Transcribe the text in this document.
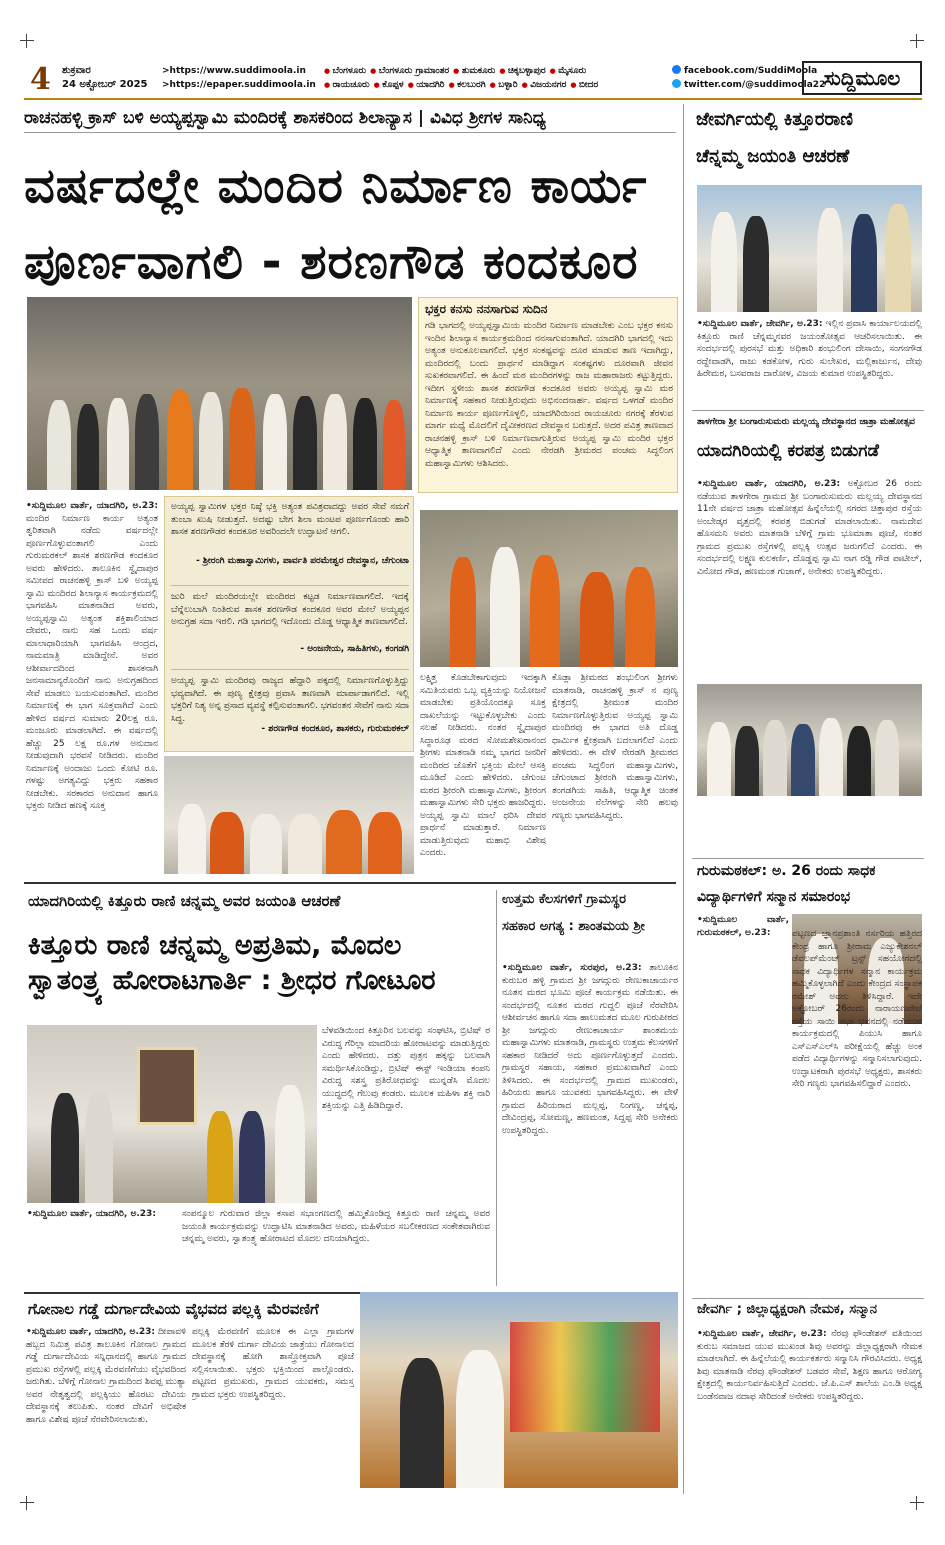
4 ಶುಕ್ರವಾರ
24 ಅಕ್ಟೋಬರ್ 2025
>https://www.suddimoola.in
>https://epaper.suddimoola.in
● ಬೆಂಗಳೂರು ● ಬೆಂಗಳೂರು ಗ್ರಾಮಾಂತರ ● ತುಮಕೂರು ● ಚಿಕ್ಕಬಳ್ಳಾಪುರ ● ಮೈಸೂರು
● ರಾಯಚೂರು ● ಕೊಪ್ಪಳ ● ಯಾದಗಿರಿ ● ಕಲಬುರಗಿ ● ಬಳ್ಳಾರಿ ● ವಿಜಯನಗರ ● ಬೀದರ
facebook.com/SuddiMoola
twitter.com/@suddimoola22
ಸುದ್ದಿಮೂಲ
ರಾಚನಹಳ್ಳಿ ಕ್ರಾಸ್ ಬಳಿ ಅಯ್ಯಪ್ಪಸ್ವಾಮಿ ಮಂದಿರಕ್ಕೆ ಶಾಸಕರಿಂದ ಶಿಲಾನ್ಯಾಸ | ವಿವಿಧ ಶ್ರೀಗಳ ಸಾನಿಧ್ಯ
ವರ್ಷದಲ್ಲೇ ಮಂದಿರ ನಿರ್ಮಾಣ ಕಾರ್ಯ
ಪೂರ್ಣವಾಗಲಿ - ಶರಣಗೌಡ ಕಂದಕೂರ
ಭಕ್ತರ ಕನಸು ನನಸಾಗುವ ಸುದಿನ
ಗಡಿ ಭಾಗದಲ್ಲಿ ಅಯ್ಯಪ್ಪಸ್ವಾಮಿಯ ಮಂದಿರ ನಿರ್ಮಾಣ ಮಾಡಬೇಕು ಎಂಬ ಭಕ್ತರ ಕನಸು ಇಂದಿನ ಶಿಲಾನ್ಯಾಸ ಕಾರ್ಯಕ್ರಮದಿಂದ ನನಸಾಗುವಂತಾಗಿದೆ. ಯಾದಗಿರಿ ಭಾಗದಲ್ಲಿ ಇದು ಅತ್ಯಂತ ಅನುಕೂಲವಾಗಲಿದೆ. ಭಕ್ತರ ಸಂಕಷ್ಟವನ್ನು ದೂರ ಮಾಡುವ ತಾಣ ಇದಾಗಿದ್ದು, ಮಂದಿರದಲ್ಲಿ ಬಂದು ಪ್ರಾರ್ಥನೆ ಮಾಡಿದ್ದಾಗ ಸಂಕಷ್ಟಗಳು ದೂರವಾಗಿ ಜೀವನ ಸುಖಕರವಾಗಲಿದೆ. ಈ ಹಿಂದೆ ಮಠ ಮಂದಿರಗಳನ್ನು ರಾಜ ಮಹಾರಾಜರು ಕಟ್ಟುತ್ತಿದ್ದರು. ಇದೀಗ ಸ್ಥಳೀಯ ಶಾಸಕ ಶರಣಗೌಡ ಕಂದಕೂರ ಅವರು ಅಯ್ಯಪ್ಪ ಸ್ವಾಮಿ ಮಠ ನಿರ್ಮಾಣಕ್ಕೆ ಸಹಕಾರ ನೀಡುತ್ತಿರುವುದು ಅಭಿನಂದನಾರ್ಹ. ವರ್ಷದ ಒಳಗಡೆ ಮಂದಿರ ನಿರ್ಮಾಣ ಕಾರ್ಯ ಪೂರ್ಣಗೊಳ್ಳಲಿ, ಯಾದಗಿರಿಯಿಂದ ರಾಯಚೂರು ನಗರಕ್ಕೆ ತೆರಳುವ ಮಾರ್ಗ ಮಧ್ಯೆ ಮೊದಲಿಗೆ ದೈವೀಕರಣದ ದೇವಸ್ಥಾನ ಬರುತ್ತದೆ. ಅದರ ಪವಿತ್ರ ತಾಣವಾದ ರಾಚನಹಳ್ಳಿ ಕ್ರಾಸ್ ಬಳಿ ನಿರ್ಮಾಣವಾಗುತ್ತಿರುವ ಅಯ್ಯಪ್ಪ ಸ್ವಾಮಿ ಮಂದಿರ ಭಕ್ತರ ಆಧ್ಯಾತ್ಮಿಕ ತಾಣವಾಗಲಿದೆ ಎಂದು ನೇರಡಗಿ ಶ್ರೀಮಠದ ಪಂಚಮ ಸಿದ್ಧಲಿಂಗ ಮಹಾಸ್ವಾಮಿಗಳು ಆಶಿಸಿದರು.
•ಸುದ್ದಿಮೂಲ ವಾರ್ತೆ, ಯಾದಗಿರಿ, ಅ.23: ಮಂದಿರ ನಿರ್ಮಾಣ ಕಾರ್ಯ ಅತ್ಯಂತ ತ್ವರಿತವಾಗಿ ನಡೆದು ವರ್ಷದಲ್ಲೇ ಪೂರ್ಣಗೊಳ್ಳುವಂತಾಗಲಿ ಎಂದು ಗುರುಮಠಕಲ್ ಶಾಸಕ ಶರಣಗೌಡ ಕಂದಕೂರ ಅವರು ಹೇಳಿದರು. ತಾಲೂಕಿನ ಸ್ವೈದಾಪುರ ಸಮೀಪದ ರಾಚನಹಳ್ಳಿ ಕ್ರಾಸ್ ಬಳಿ ಅಯ್ಯಪ್ಪ ಸ್ವಾಮಿ ಮಂದಿರದ ಶಿಲಾನ್ಯಾಸ ಕಾರ್ಯಕ್ರಮದಲ್ಲಿ ಭಾಗವಹಿಸಿ ಮಾತನಾಡಿದ ಅವರು, ಅಯ್ಯಪ್ಪಸ್ವಾಮಿ ಅತ್ಯಂತ ಶಕ್ತಿಶಾಲಿಯಾದ ದೇವರು, ನಾನು ಸಹ ಒಂದು ವರ್ಷ ಮಾಲಾಧಾರಿಯಾಗಿ ಭಾಗವಹಿಸಿ ಆಂದ್ರದ, ನಾಮಮಾತ್ರಿ ಮಾಡಿದ್ದೇನೆ. ಅವರ ಆಶೀರ್ವಾದದಿಂದ ಶಾಸಕನಾಗಿ ಜನಸಾಮಾನ್ಯರೊಂದಿಗೆ ನಾನು ಅನುಗ್ರಹದಿಂದ ಸೇವೆ ಮಾಡಲು ಬಯಸುವಂತಾಗಿದೆ. ಮಂದಿರ ನಿರ್ಮಾಣಕ್ಕೆ ಈ ಭಾಗ ಸೂಕ್ತವಾಗಿದೆ ಎಂದು ಹೇಳಿದ ವರ್ಷದ ಸುಮಾರು 20ಲಕ್ಷ ರೂ. ಮಂಜೂರು ಮಾಡಲಾಗಿದೆ. ಈ ವರ್ಷದಲ್ಲಿ ಹೆಚ್ಚು 25 ಲಕ್ಷ ರೂ.ಗಳ ಅನುದಾನ ನೀಡುವುದಾಗಿ ಭರವಸೆ ನೀಡಿದರು. ಮಂದಿರ ನಿರ್ಮಾಣಕ್ಕೆ ಅಂದಾಜು ಒಂದು ಕೋಟಿ ರೂ. ಗಳಷ್ಟು ಅಗತ್ಯವಿದ್ದು ಭಕ್ತರು ಸಹಕಾರ ನೀಡಬೇಕು. ಸರಕಾರದ ಅನುದಾನ ಹಾಗೂ ಭಕ್ತರು ನೀಡಿದ ಹಣಕ್ಕೆ ಸೂಕ್ತ
ಅಯ್ಯಪ್ಪ ಸ್ವಾಮಿಗಳ ಭಕ್ತರ ನಿಷ್ಠೆ ಭಕ್ತಿ ಅತ್ಯಂತ ಪವಿತ್ರವಾದದ್ದು ಅವರ ಸೇವೆ ನಮಗೆ ತುಂಬಾ ಖುಷಿ ನೀಡುತ್ತದೆ. ಅದಷ್ಟು ಬೇಗ ಶಿಲಾ ಮಂಟಪ ಪೂರ್ಣಗೊಂಡು ಹಾರಿ ಶಾಸಕ ಶರಣಗೌಡರ ಕಂದಕೂರ ಅವರಿಂದಲೇ ಉದ್ಘಾಟನೆ ಆಗಲಿ.
- ಶ್ರೀರಂಗಿ ಮಹಾಸ್ವಾಮಿಗಳು, ಪಾರ್ವತಿ ಪರಮೇಶ್ವರ ದೇವಸ್ಥಾನ, ಚೆಗುಂಟಾ
ಜುರಿ ಮಲೆ ಮಂದಿರಯಲ್ಲೇ ಮಂದಿರದ ಕಟ್ಟಡ ನಿರ್ಮಾಣವಾಗಲಿದೆ. ಇದಕ್ಕೆ ಬೆನ್ನೆಲುಬಾಗಿ ನಿಂತಿರುವ ಶಾಸಕ ಶರಣಗೌಡ ಕಂದಕೂರ ಅವರ ಮೇಲೆ ಅಯ್ಯಪ್ಪನ ಅನುಗ್ರಹ ಸದಾ ಇರಲಿ. ಗಡಿ ಭಾಗದಲ್ಲಿ ಇದೊಂದು ದೊಡ್ಡ ಆಧ್ಯಾತ್ಮಿಕ ತಾಣವಾಗಲಿದೆ.
- ಅಂಜನೇಯ, ಸಾಹಿತಿಗಳು, ಕಂಗಡಗಿ
ಅಯ್ಯಪ್ಪ ಸ್ವಾಮಿ ಮಂದಿರವು ರಾಜ್ಯದ ಹೆದ್ದಾರಿ ಪಕ್ಕದಲ್ಲಿ ನಿರ್ಮಾಣಗೊಳ್ಳುತ್ತಿದ್ದು ಭವ್ಯವಾಗಿದೆ. ಈ ಪುಣ್ಯ ಕ್ಷೇತ್ರವು ಪ್ರವಾಸಿ ತಾಣವಾಗಿ ಮಾರ್ಪಾಡಾಗಲಿದೆ. ಇಲ್ಲಿ ಭಕ್ತರಿಗೆ ನಿತ್ಯ ಅನ್ನ ಪ್ರಸಾದ ವ್ಯವಸ್ಥೆ ಕಲ್ಪಿಸುವಂತಾಗಲಿ. ಭಗವಂತನ ಸೇವೆಗೆ ನಾನು ಸದಾ ಸಿದ್ಧ.
- ಶರಣಗೌಡ ಕಂದಕೂರ, ಶಾಸಕರು, ಗುರುಮಠಕಲ್
ಲಕ್ಷ್ಮಿತ್ತ ಕೊಡಬೇಕಾಗುವುದು ಇದಕ್ಕಾಗಿ ಸಮಿತಿಯವರು ಒಬ್ಬ ವ್ಯಕ್ತಿಯನ್ನು ನಿಯೋಜನೆ ಮಾಡಬೇಕು ಪ್ರತಿಯೊಂದಕ್ಕೂ ಸೂಕ್ತ ದಾಖಲೆಯನ್ನು ಇಟ್ಟುಕೊಳ್ಳಬೇಕು ಎಂದು ಸಲಹೆ ನೀಡಿದರು. ನಂತರ ಸ್ವೈದಾಪುರ ಸಿದ್ಧಾರೂಢ ಮಠದ ಸೋಮಶೇಖರಾನಂದ ಶ್ರೀಗಳು ಮಾತನಾಡಿ ನಮ್ಮ ಭಾಗದ ಜನರಿಗೆ ಮಂದಿರದ ಜೊತೆಗೆ ಭಕ್ತಿಯ ಮೇಲೆ ಆಸಕ್ತಿ ಮೂಡಿದೆ ಎಂದು ಹೇಳಿದರು. ಚೆಗುಂಟ ಮಠದ ಶ್ರೀರಂಗಿ ಮಹಾಸ್ವಾಮಿಗಳು, ಶ್ರೀರಂಗ ಮಹಾಸ್ವಾಮಿಗಳು ಸೇರಿ ಭಕ್ತರು ಹಾಜರಿದ್ದರು. ಅಯ್ಯಪ್ಪ ಸ್ವಾಮಿ ಮಾಲೆ ಧರಿಸಿ ದೇವರ ಪ್ರಾರ್ಥನೆ ಮಾಡುತ್ತಾರೆ. ನಿರ್ಮಾಣ ಮಾಡುತ್ತಿರುವುದು ಮಹಾಭಿ ವಿಶೇಷ ಎಂದರು.
ಕೊಡ್ಲಾ ಶ್ರೀಮಠದ ಶಂಭುಲಿಂಗ ಶ್ರೀಗಳು ಮಾತನಾಡಿ, ರಾಚನಹಳ್ಳಿ ಕ್ರಾಸ್ ನ ಪುಣ್ಯ ಕ್ಷೇತ್ರದಲ್ಲಿ ಶ್ರೀಮಂತ ಮಂದಿರ ನಿರ್ಮಾಣಗೊಳ್ಳುತ್ತಿರುವ ಅಯ್ಯಪ್ಪ ಸ್ವಾಮಿ ಮಂದಿರವು ಈ ಭಾಗದ ಅತಿ ದೊಡ್ಡ ಧಾರ್ಮಿಕ ಕ್ಷೇತ್ರವಾಗಿ ಬದಲಾಗಲಿದೆ ಎಂದು ಹೇಳಿದರು. ಈ ವೇಳೆ ನೇರಡಗಿ ಶ್ರೀಮಠದ ಪಂಚಮ ಸಿದ್ಧಲಿಂಗ ಮಹಾಸ್ವಾಮಿಗಳು, ಚೆಗುಂಟಾದ ಶ್ರೀರಂಗಿ ಮಹಾಸ್ವಾಮಿಗಳು, ತಂಗಡಗಿಯ ಸಾಹಿತಿ, ಆಧ್ಯಾತ್ಮಿಕ ಚಿಂತಕ ಅಂಜನೇಯ ನೆಲೆಗಳನ್ನು ಸೇರಿ ಹಲವು ಗಣ್ಯರು ಭಾಗವಹಿಸಿದ್ದರು.
ಯಾದಗಿರಿಯಲ್ಲಿ ಕಿತ್ತೂರು ರಾಣಿ ಚನ್ನಮ್ಮ ಅವರ ಜಯಂತಿ ಆಚರಣೆ
ಕಿತ್ತೂರು ರಾಣಿ ಚನ್ನಮ್ಮ ಅಪ್ರತಿಮ, ಮೊದಲ
ಸ್ವಾತಂತ್ರ್ಯ ಹೋರಾಟಗಾರ್ತಿ : ಶ್ರೀಧರ ಗೋಟೂರ
ಬೆಳವಡಿಯಿಂದ ಕಿತ್ತೂರಿನ ಬಲವನ್ನು ಸಂಘಟಿಸಿ, ಬ್ರಿಟಿಷ್ ರ ವಿರುದ್ಧ ಗೆರಿಲ್ಲಾ ಮಾದರಿಯ ಹೋರಾಟವನ್ನು ಮಾಡುತ್ತಿದ್ದರು ಎಂದು ಹೇಳಿದರು. ದತ್ತು ಪುತ್ರನ ಹಕ್ಕನ್ನು ಬಲವಾಗಿ ಸಮರ್ಥಿಸಿಕೊಂಡಿದ್ದು, ಬ್ರಿಟಿಷ್ ಈಸ್ಟ್ ಇಂಡಿಯಾ ಕಂಪನಿ ವಿರುದ್ಧ ಸಶಸ್ತ್ರ ಪ್ರತಿರೋಧವನ್ನು ಮುನ್ನಡೆಸಿ ಮೊದಲ ಯುದ್ಧದಲ್ಲಿ ಗೆಲುವು ಕಂಡರು. ಮೂಲಕ ಮಹಿಳಾ ಶಕ್ತಿ ನಾರಿ ಶಕ್ತಿಯನ್ನು ಎತ್ತಿ ಹಿಡಿದಿದ್ದಾರೆ.
•ಸುದ್ದಿಮೂಲ ವಾರ್ತೆ, ಯಾದಗಿರಿ, ಅ.23:	ಸಂಪನ್ಮೂಲ ಗುರುವಾರ ಜಿಲ್ಲಾ ಕಸಾಪ ಸಭಾಂಗಣದಲ್ಲಿ ಹಮ್ಮಿಕೊಂಡಿದ್ದ ಕಿತ್ತೂರು ರಾಣಿ ಚನ್ನಮ್ಮ ಅವರ ಜಯಂತಿ ಕಾರ್ಯಕ್ರಮವನ್ನು ಉದ್ಘಾಟಿಸಿ ಮಾತನಾಡಿದ ಅವರು, ಮಹಿಳೆಯರ ಸಬಲೀಕರಣದ ಸಂಕೇತವಾಗಿರುವ ಚನ್ನಮ್ಮ ಅವರು, ಸ್ವಾತಂತ್ರ್ಯ ಹೋರಾಟದ ಮೊದಲ ದನಿಯಾಗಿದ್ದರು.
ಉತ್ತಮ ಕೆಲಸಗಳಿಗೆ ಗ್ರಾಮಸ್ಥರ
ಸಹಕಾರ ಅಗತ್ಯ : ಶಾಂತಮಯ ಶ್ರೀ
•ಸುದ್ದಿಮೂಲ ವಾರ್ತೆ, ಸುರಪುರ, ಅ.23: ತಾಲೂಕಿನ ಕುರುಬರ ಹಳ್ಳಿ ಗ್ರಾಮದ ಶ್ರೀ ಜಗದ್ಗುರು ರೇಣುಕಾಚಾರ್ಯರ ನೂತನ ಮಠದ ಭೂಮಿ ಪೂಜೆ ಕಾರ್ಯಕ್ರಮ ನಡೆಯಿತು. ಈ ಸಂದರ್ಭದಲ್ಲಿ ನೂತನ ಮಠದ ಗುದ್ದಲಿ ಪೂಜೆ ನೆರವೇರಿಸಿ ಆಶೀರ್ವಚನ ಹಾಗೂ ಸದಾ ಹಾಲುಮತದ ಮೂಲ ಗುರುಪೀಠದ ಶ್ರೀ ಜಗದ್ಗುರು ರೇಣುಕಾಚಾರ್ಯ ಶಾಂತಮಯ ಮಹಾಸ್ವಾಮಿಗಳು ಮಾತನಾಡಿ, ಗ್ರಾಮಸ್ಥರು ಉತ್ತಮ ಕೆಲಸಗಳಿಗೆ ಸಹಕಾರ ನೀಡಿದರೆ ಅದು ಪೂರ್ಣಗೊಳ್ಳುತ್ತದೆ ಎಂದರು. ಗ್ರಾಮಸ್ಥರ ಸಹಾಯ, ಸಹಕಾರ ಪ್ರಮುಖವಾಗಿದೆ ಎಂದು ತಿಳಿಸಿದರು. ಈ ಸಂದರ್ಭದಲ್ಲಿ ಗ್ರಾಮದ ಮುಖಂಡರು, ಹಿರಿಯರು ಹಾಗೂ ಯುವಕರು ಭಾಗವಹಿಸಿದ್ದರು. ಈ ವೇಳೆ ಗ್ರಾಮದ ಹಿರಿಯರಾದ ಮಲ್ಲಪ್ಪ, ನಿಂಗಣ್ಣ, ಚನ್ನಪ್ಪ, ದೇವಿಂದ್ರಪ್ಪ, ಸೋಮಣ್ಣ, ಹಣಮಂತ, ಸಿದ್ದಪ್ಪ ಸೇರಿ ಅನೇಕರು ಉಪಸ್ಥಿತರಿದ್ದರು.
ಗೋನಾಲ ಗಡ್ಡೆ ದುರ್ಗಾದೇವಿಯ ವೈಭವದ ಪಲ್ಲಕ್ಕಿ ಮೆರವಣಿಗೆ
•ಸುದ್ದಿಮೂಲ ವಾರ್ತೆ, ಯಾದಗಿರಿ, ಅ.23: ದೀಪಾವಳಿ ಹಬ್ಬದ ನಿಮಿತ್ತ ಪವಿತ್ರ ತಾಲೂಕಿನ ಗೋನಾಲ ಗ್ರಾಮದ ಗಡ್ಡೆ ದುರ್ಗಾದೇವಿಯ ಸನ್ನಿಧಾನದಲ್ಲಿ ಹಾಗೂ ಗ್ರಾಮದ ಪ್ರಮುಖ ರಸ್ತೆಗಳಲ್ಲಿ ಪಲ್ಲಕ್ಕಿ ಮೆರವಣಿಗೆಯು ವೈಭವದಿಂದ ಜರುಗಿತು. ಬೆಳಿಗ್ಗೆ ಗೋನಾಲ ಗ್ರಾಮದಿಂದ ಶಿವಪ್ಪ ಮುತ್ಯಾ ಅವರ ನೇತೃತ್ವದಲ್ಲಿ ಪಲ್ಲಕ್ಕಿಯು ಹೊರಟು ದೇವಿಯ ದೇವಸ್ಥಾನಕ್ಕೆ ತಲುಪಿತು. ನಂತರ ದೇವಿಗೆ ಅಭಿಷೇಕ ಹಾಗೂ ವಿಶೇಷ ಪೂಜೆ ನೆರವೇರಿಸಲಾಯಿತು.
ಪಲ್ಲಕ್ಕಿ ಮೆರವಣಿಗೆ ಮೂಲಕ ಈ ಎಲ್ಲಾ ಗ್ರಾಮಗಳ ಮೂಲಕ ತೆರಳಿ ದುರ್ಗಾ ದೇವಿಯ ಜಾತ್ರೆಯು ಗೋನಾಲದ ದೇವಸ್ಥಾನಕ್ಕೆ ಹೋಗಿ ಶಾಸ್ತ್ರೋಕ್ತವಾಗಿ ಪೂಜೆ ಸಲ್ಲಿಸಲಾಯಿತು. ಭಕ್ತರು ಭಕ್ತಿಯಿಂದ ಪಾಲ್ಗೊಂಡರು. ಪಟ್ಟಣದ ಪ್ರಮುಖರು, ಗ್ರಾಮದ ಯುವಕರು, ಸಮಸ್ತ ಗ್ರಾಮದ ಭಕ್ತರು ಉಪಸ್ಥಿತರಿದ್ದರು.
ಜೇವರ್ಗಿಯಲ್ಲಿ ಕಿತ್ತೂರರಾಣಿ
ಚೆನ್ನಮ್ಮ ಜಯಂತಿ ಆಚರಣೆ
•ಸುದ್ದಿಮೂಲ ವಾರ್ತೆ, ಜೇವರ್ಗಿ, ಅ.23: ಇಲ್ಲಿನ ಪ್ರವಾಸಿ ಕಾರ್ಯಾಲಯದಲ್ಲಿ ಕಿತ್ತೂರು ರಾಣಿ ಚೆನ್ನಮ್ಮನವರ ಜಯಂತೋತ್ಸವ ಆಚರಿಸಲಾಯಿತು. ಈ ಸಂದರ್ಭದಲ್ಲಿ ಪುರಸಭೆ ಮತ್ತು ಅಧಿಕಾರಿ ಶಂಭುಲಿಂಗ ದೇಸಾಯಿ, ಸಂಗನಗೌಡ ರದ್ದೇವಾಡಗಿ, ರಾಜು ಕಡಕೋಳ, ಗುರು ಸುಲೇಖರ, ಮಲ್ಲಿಕಾರ್ಜುನ, ದೇವು ಹಿರೇಮಠ, ಬಸವರಾಜ ದಾರೋಳ, ವಿಜಯ ಕುಮಾರ ಉಪಸ್ಥಿತರಿದ್ದರು.
ತಾಳಗೇರಾ ಶ್ರೀ ಬಂಗಾರುಸುಮರು ಮಲ್ಲಯ್ಯ ದೇವಸ್ಥಾನದ ಜಾತ್ರಾ ಮಹೋತ್ಸವ
ಯಾದಗಿರಿಯಲ್ಲಿ ಕರಪತ್ರ ಬಿಡುಗಡೆ
•ಸುದ್ದಿಮೂಲ ವಾರ್ತೆ, ಯಾದಗಿರಿ, ಅ.23: ಅಕ್ಟೋಬರ 26 ರಂದು ನಡೆಯುವ ತಾಳಗೇರಾ ಗ್ರಾಮದ ಶ್ರೀ ಬಂಗಾರುಸುಮರು ಮಲ್ಲಯ್ಯ ದೇವಸ್ಥಾನದ 11ನೇ ವರ್ಷದ ಜಾತ್ರಾ ಮಹೋತ್ಸವ ಹಿನ್ನೆಲೆಯಲ್ಲಿ ನಗರದ ಚಿತ್ತಾಪುರ ರಸ್ತೆಯ ಅಂಬೇಡ್ಕರ ವೃತ್ತದಲ್ಲಿ ಕರಪತ್ರ ಬಿಡುಗಡೆ ಮಾಡಲಾಯಿತು. ನಾಮದೇವ ಹೊಸಮನಿ ಅವರು ಮಾತನಾಡಿ ಬೆಳಿಗ್ಗೆ ಗ್ರಾಮ ಭೂಮಾತಾ ಪೂಜೆ, ನಂತರ ಗ್ರಾಮದ ಪ್ರಮುಖ ರಸ್ತೆಗಳಲ್ಲಿ ಪಲ್ಲಕ್ಕಿ ಉತ್ಸವ ಜರುಗಲಿದೆ ಎಂದರು. ಈ ಸಂದರ್ಭದಲ್ಲಿ ಲಕ್ಷ್ಮಣ ಕುಲಕರ್ಣಿ, ದೊಡ್ಡಪ್ಪ ಸ್ವಾಮಿ ನಾಗ ರಡ್ಡಿ ಗೌಡ ಪಾಟೀಲ್, ವಿನೋದ ಗೌಡ, ಹಣಮಂತ ಗುಜಾಗ್, ಅನೇಕರು ಉಪಸ್ಥಿತರಿದ್ದರು.
ಗುರುಮಠಕಲ್: ಅ. 26 ರಂದು ಸಾಧಕ
ವಿದ್ಯಾರ್ಥಿಗಳಿಗೆ ಸನ್ಮಾನ ಸಮಾರಂಭ
•ಸುದ್ದಿಮೂಲ ವಾರ್ತೆ, ಗುರುಮಠಕಲ್, ಅ.23:	ಪಟ್ಟಣದ ಜ್ಞಾನಪ್ರಶಾಂತಿ ನರ್ಸರಿಯ ಹತ್ತಿರದ ಕೇಂದ್ರ ಹಾಗೂ ಶ್ರೀರಾಮ ಎಜ್ಯುಕೇಶನಲ್ ಡೆವಲಪ್‌ಮೆಂಟ್ ಟ್ರಸ್ಟ್ ಸಹಯೋಗದಲ್ಲಿ ಸಾಧಕ ವಿದ್ಯಾರ್ಥಿಗಳ ಸನ್ಮಾನ ಕಾರ್ಯಕ್ರಮ ಹಮ್ಮಿಕೊಳ್ಳಲಾಗಿದೆ ಎಂದು ಕೇಂದ್ರದ ಸಂಸ್ಥಾಪಕ ರಮೇಶ್ ಅವರು ತಿಳಿಸಿದ್ದಾರೆ. ಇದೇ ಅಕ್ಟೋಬರ್ 26ರಂದು ನಾರಾಯಣಪೇಟೆ ರಸ್ತೆಯ ಸಾಯಿ ಸಭಾ ಭವನದಲ್ಲಿ ನಡೆಯುವ ಕಾರ್ಯಕ್ರಮದಲ್ಲಿ ಪಿಯುಸಿ ಹಾಗೂ ಎಸ್ಎಸ್ಎಲ್‌ಸಿ ಪರೀಕ್ಷೆಯಲ್ಲಿ ಹೆಚ್ಚು ಅಂಕ ಪಡೆದ ವಿದ್ಯಾರ್ಥಿಗಳನ್ನು ಸನ್ಮಾನಿಸಲಾಗುವುದು. ಉದ್ಘಾಟಕರಾಗಿ ಪುರಸಭೆ ಅಧ್ಯಕ್ಷರು, ಶಾಸಕರು ಸೇರಿ ಗಣ್ಯರು ಭಾಗವಹಿಸಲಿದ್ದಾರೆ ಎಂದರು.
ಜೇವರ್ಗಿ ; ಜಿಲ್ಲಾಧ್ಯಕ್ಷರಾಗಿ ನೇಮಕ, ಸನ್ಮಾನ
•ಸುದ್ದಿಮೂಲ ವಾರ್ತೆ, ಜೇವರ್ಗಿ, ಅ.23: ನೆರವು ಫೌಂಡೇಶನ್ ವತಿಯಿಂದ ಕುರುಬ ಸಮಾಜದ ಯುವ ಮುಖಂಡ ಶಿವು ಅವರನ್ನು ಜಿಲ್ಲಾಧ್ಯಕ್ಷರಾಗಿ ನೇಮಕ ಮಾಡಲಾಗಿದೆ. ಈ ಹಿನ್ನೆಲೆಯಲ್ಲಿ ಕಾರ್ಯಕರ್ತರು ಸನ್ಮಾನಿಸಿ ಗೌರವಿಸಿದರು. ಅಧ್ಯಕ್ಷ ಶಿವು ಮಾತನಾಡಿ ನೆರವು ಫೌಂಡೇಶನ್ ಬಡವರ ಸೇವೆ, ಶಿಕ್ಷಣ ಹಾಗೂ ಆರೋಗ್ಯ ಕ್ಷೇತ್ರದಲ್ಲಿ ಕಾರ್ಯನಿರ್ವಹಿಸುತ್ತಿದೆ ಎಂದರು. ಜೆ.ಪಿ.ಎಸ್ ಶಾಲೆಯ ಎಂ.ಡಿ ಅಧ್ಯಕ್ಷ ಬಂಡೆನವಾಜ ನದಾಫ ಸೇರಿದಂತೆ ಅನೇಕರು ಉಪಸ್ಥಿತರಿದ್ದರು.
